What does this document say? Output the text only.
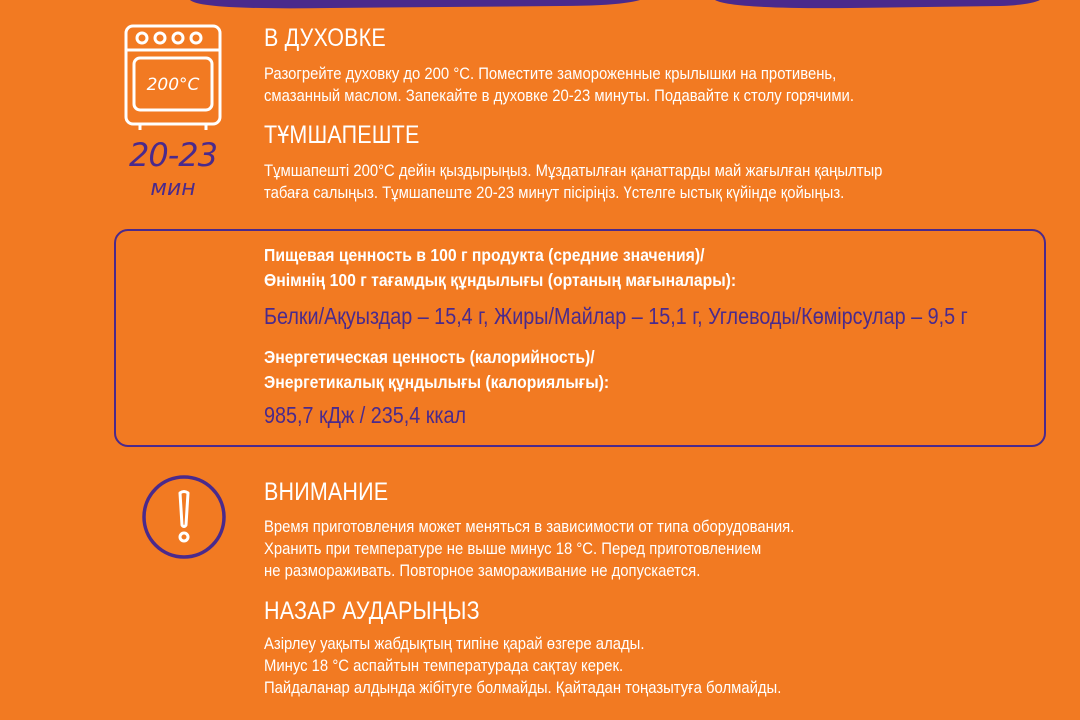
200°С
20-23
мин
В ДУХОВКЕ

Разогрейте духовку до 200 °С. Поместите замороженные крылышки на противень,
смазанный маслом. Запекайте в духовке 20-23 минуты. Подавайте к столу горячими.

ТҰМШАПЕШТЕ

Тұмшапешті 200°С дейін қыздырыңыз. Мұздатылған қанаттарды май жағылған қаңылтыр
табаға салыңыз. Тұмшапеште 20-23 минут пісіріңіз. Үстелге ыстық күйінде қойыңыз.

Пищевая ценность в 100 г продукта (средние значения)/
Өнімнің 100 г тағамдық құндылығы (ортаның мағыналары):

Белки/Ақуыздар – 15,4 г, Жиры/Майлар – 15,1 г, Углеводы/Көмірсулар – 9,5 г

Энергетическая ценность (калорийность)/
Энергетикалық құндылығы (калориялығы):

985,7 кДж / 235,4 ккал

ВНИМАНИЕ

Время приготовления может меняться в зависимости от типа оборудования.
Хранить при температуре не выше минус 18 °С. Перед приготовлением
не размораживать. Повторное замораживание не допускается.

НАЗАР АУДАРЫҢЫЗ

Азірлеу уақыты жабдықтың типіне қарай өзгере алады.
Минус 18 °С аспайтын температурада сақтау керек.
Пайдаланар алдында жібітуге болмайды. Қайтадан тоңазытуға болмайды.
